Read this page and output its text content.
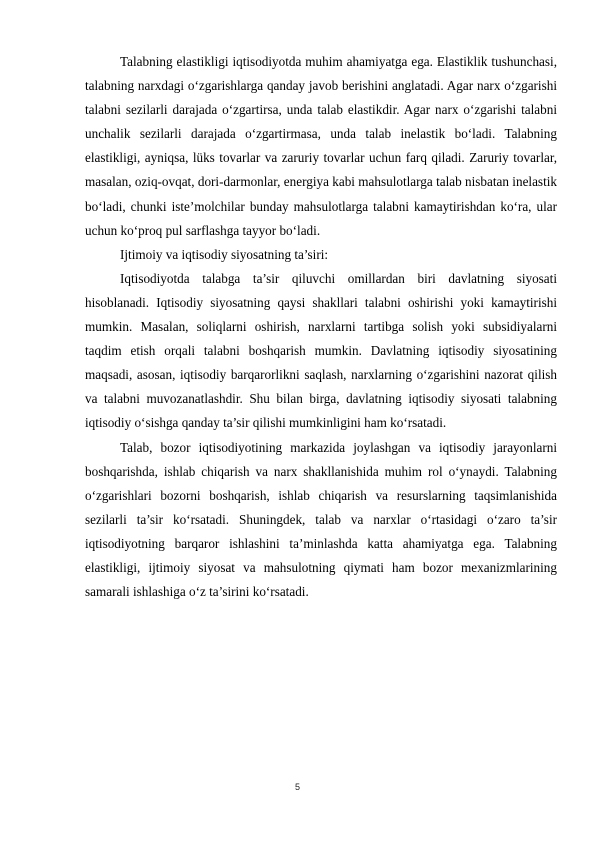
Talabning elastikligi iqtisodiyotda muhim ahamiyatga ega. Elastiklik tushunchasi, talabning narxdagi o‘zgarishlarga qanday javob berishini anglatadi. Agar narx o‘zgarishi talabni sezilarli darajada o‘zgartirsa, unda talab elastikdir. Agar narx o‘zgarishi talabni unchalik sezilarli darajada o‘zgartirmasa, unda talab inelastik bo‘ladi. Talabning elastikligi, ayniqsa, lüks tovarlar va zaruriy tovarlar uchun farq qiladi. Zaruriy tovarlar, masalan, oziq-ovqat, dori-darmonlar, energiya kabi mahsulotlarga talab nisbatan inelastik bo‘ladi, chunki iste’molchilar bunday mahsulotlarga talabni kamaytirishdan ko‘ra, ular uchun ko‘proq pul sarflashga tayyor bo‘ladi.

Ijtimoiy va iqtisodiy siyosatning ta’siri:

Iqtisodiyotda talabga ta’sir qiluvchi omillardan biri davlatning siyosati hisoblanadi. Iqtisodiy siyosatning qaysi shakllari talabni oshirishi yoki kamaytirishi mumkin. Masalan, soliqlarni oshirish, narxlarni tartibga solish yoki subsidiyalarni taqdim etish orqali talabni boshqarish mumkin. Davlatning iqtisodiy siyosatining maqsadi, asosan, iqtisodiy barqarorlikni saqlash, narxlarning o‘zgarishini nazorat qilish va talabni muvozanatlashdir. Shu bilan birga, davlatning iqtisodiy siyosati talabning iqtisodiy o‘sishga qanday ta’sir qilishi mumkinligini ham ko‘rsatadi.

Talab, bozor iqtisodiyotining markazida joylashgan va iqtisodiy jarayonlarni boshqarishda, ishlab chiqarish va narx shakllanishida muhim rol o‘ynaydi. Talabning o‘zgarishlari bozorni boshqarish, ishlab chiqarish va resurslarning taqsimlanishida sezilarli ta’sir ko‘rsatadi. Shuningdek, talab va narxlar o‘rtasidagi o‘zaro ta’sir iqtisodiyotning barqaror ishlashini ta’minlashda katta ahamiyatga ega. Talabning elastikligi, ijtimoiy siyosat va mahsulotning qiymati ham bozor mexanizmlarining samarali ishlashiga o‘z ta’sirini ko‘rsatadi.

5
